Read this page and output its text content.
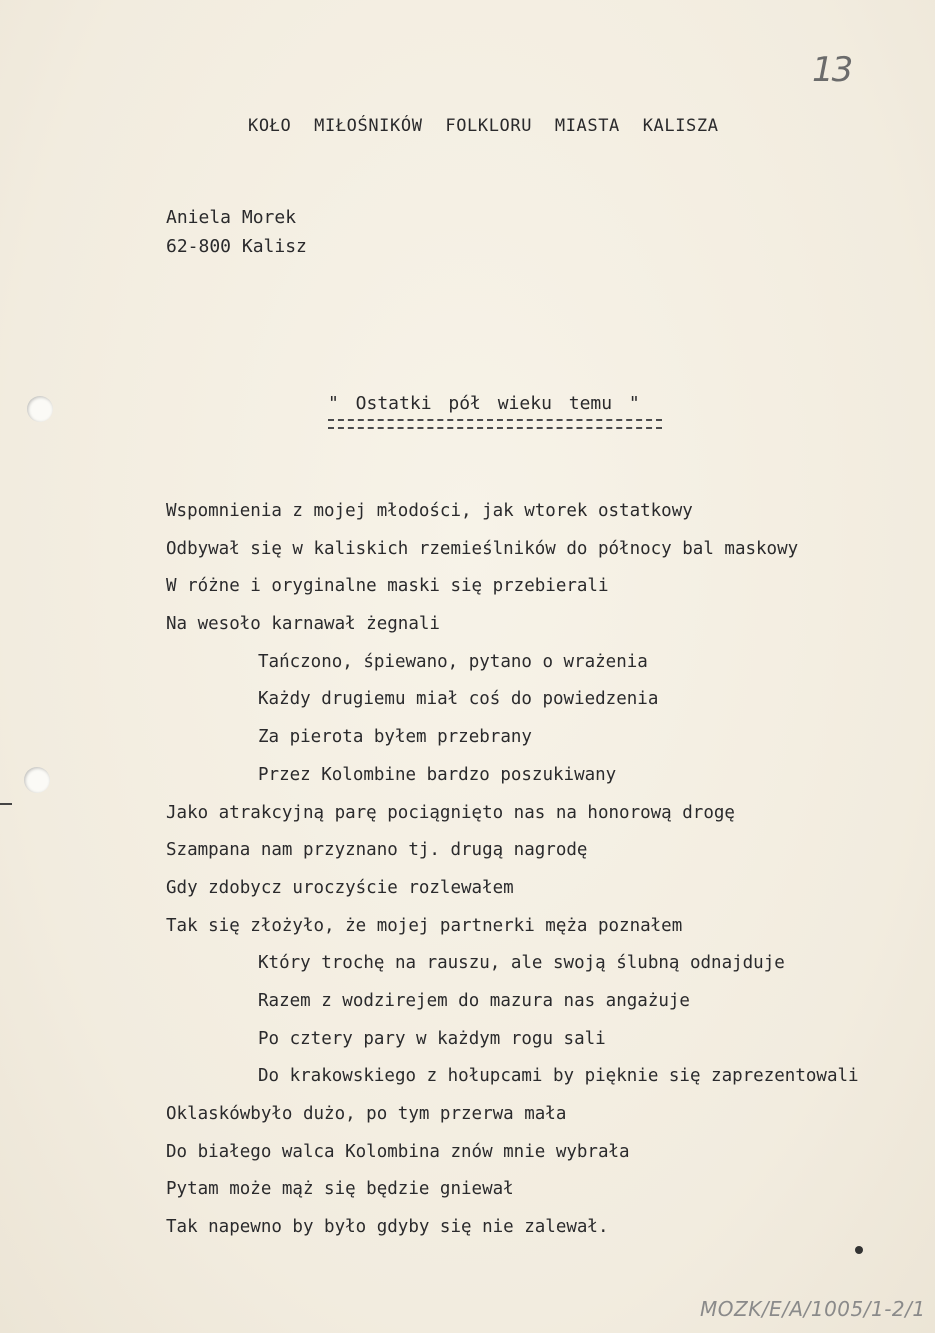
13
KOŁO MIŁOŚNIKÓW FOLKLORU MIASTA KALISZA
Aniela Morek
62-800 Kalisz
" Ostatki pół wieku temu "
Wspomnienia z mojej młodości, jak wtorek ostatkowy
Odbywał się w kaliskich rzemieślników do północy bal maskowy
W różne i oryginalne maski się przebierali
Na wesoło karnawał żegnali
Tańczono, śpiewano, pytano o wrażenia
Każdy drugiemu miał coś do powiedzenia
Za pierota byłem przebrany
Przez Kolombine bardzo poszukiwany
Jako atrakcyjną parę pociągnięto nas na honorową drogę
Szampana nam przyznano tj. drugą nagrodę
Gdy zdobycz uroczyście rozlewałem
Tak się złożyło, że mojej partnerki męża poznałem
Który trochę na rauszu, ale swoją ślubną odnajduje
Razem z wodzirejem do mazura nas angażuje
Po cztery pary w każdym rogu sali
Do krakowskiego z hołupcami by pięknie się zaprezentowali
Oklaskówbyło dużo, po tym przerwa mała
Do białego walca Kolombina znów mnie wybrała
Pytam może mąż się będzie gniewał
Tak napewno by było gdyby się nie zalewał.
MOZK/E/A/1005/1-2/1
